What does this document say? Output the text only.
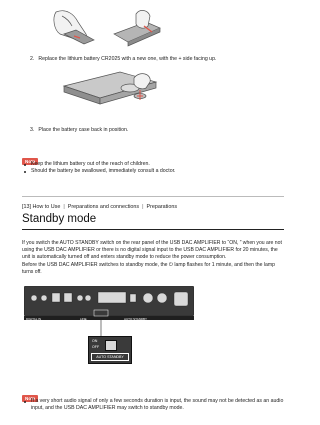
2. Replace the lithium battery CR2025 with a new one, with the + side facing up.
3. Place the battery case back in position.
Note
Keep the lithium battery out of the reach of children.
Should the battery be swallowed, immediately consult a doctor.
[13] How to Use | Preparations and connections | Preparations
Standby mode
If you switch the AUTO STANDBY switch on the rear panel of the USB DAC AMPLIFIER to “ON, ” when you are not using the USB DAC AMPLIFIER or there is no digital signal input to the USB DAC AMPLIFIER for 20 minutes, the unit is automatically turned off and enters standby mode to reduce the power consumption.
Before the USB DAC AMPLIFIER switches to standby mode, the ⏻ lamp flashes for 1 minute, and then the lamp turns off.
DIGITAL IN	LINE	AUTO STANDBY
ON
OFF
AUTO STANDBY
Note
If a very short audio signal of only a few seconds duration is input, the sound may not be detected as an audio input, and the USB DAC AMPLIFIER may switch to standby mode.
